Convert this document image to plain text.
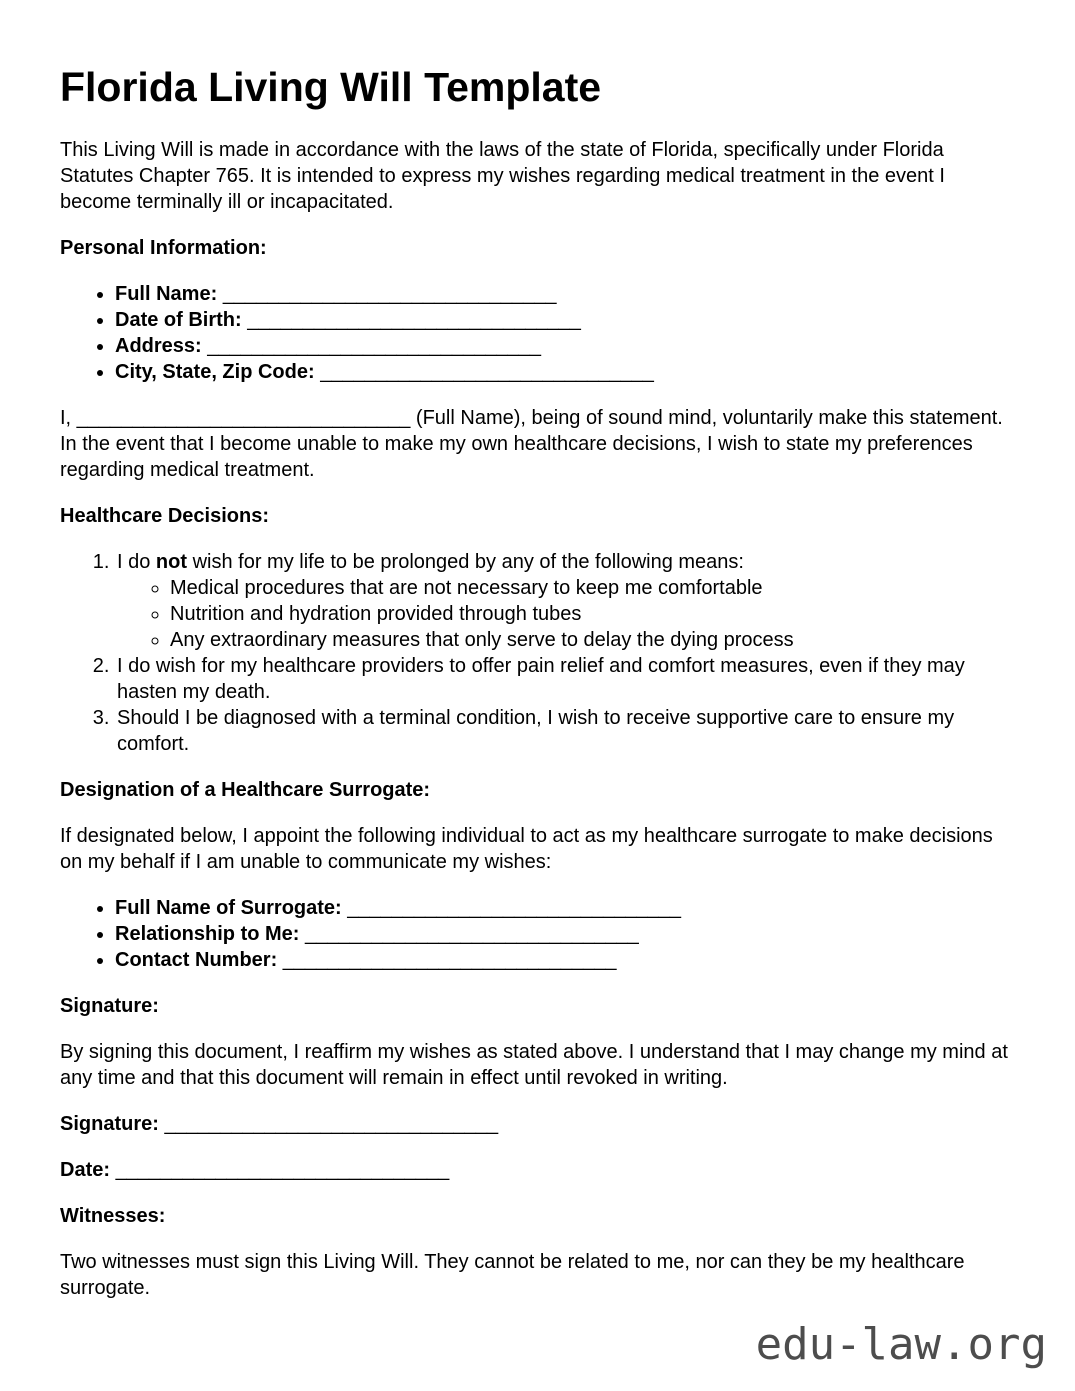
Florida Living Will Template

This Living Will is made in accordance with the laws of the state of Florida, specifically under Florida Statutes Chapter 765. It is intended to express my wishes regarding medical treatment in the event I become terminally ill or incapacitated.

Personal Information:
• Full Name: ______________________________
• Date of Birth: ______________________________
• Address: ______________________________
• City, State, Zip Code: ______________________________

I, ______________________________ (Full Name), being of sound mind, voluntarily make this statement. In the event that I become unable to make my own healthcare decisions, I wish to state my preferences regarding medical treatment.

Healthcare Decisions:
1. I do not wish for my life to be prolonged by any of the following means:
◦ Medical procedures that are not necessary to keep me comfortable
◦ Nutrition and hydration provided through tubes
◦ Any extraordinary measures that only serve to delay the dying process
2. I do wish for my healthcare providers to offer pain relief and comfort measures, even if they may hasten my death.
3. Should I be diagnosed with a terminal condition, I wish to receive supportive care to ensure my comfort.
Designation of a Healthcare Surrogate:

If designated below, I appoint the following individual to act as my healthcare surrogate to make decisions on my behalf if I am unable to communicate my wishes:

• Full Name of Surrogate: ______________________________
• Relationship to Me: ______________________________
• Contact Number: ______________________________
Signature:

By signing this document, I reaffirm my wishes as stated above. I understand that I may change my mind at any time and that this document will remain in effect until revoked in writing.

Signature: ______________________________

Date: ______________________________

Witnesses:

Two witnesses must sign this Living Will. They cannot be related to me, nor can they be my healthcare surrogate.

edu-law.org
